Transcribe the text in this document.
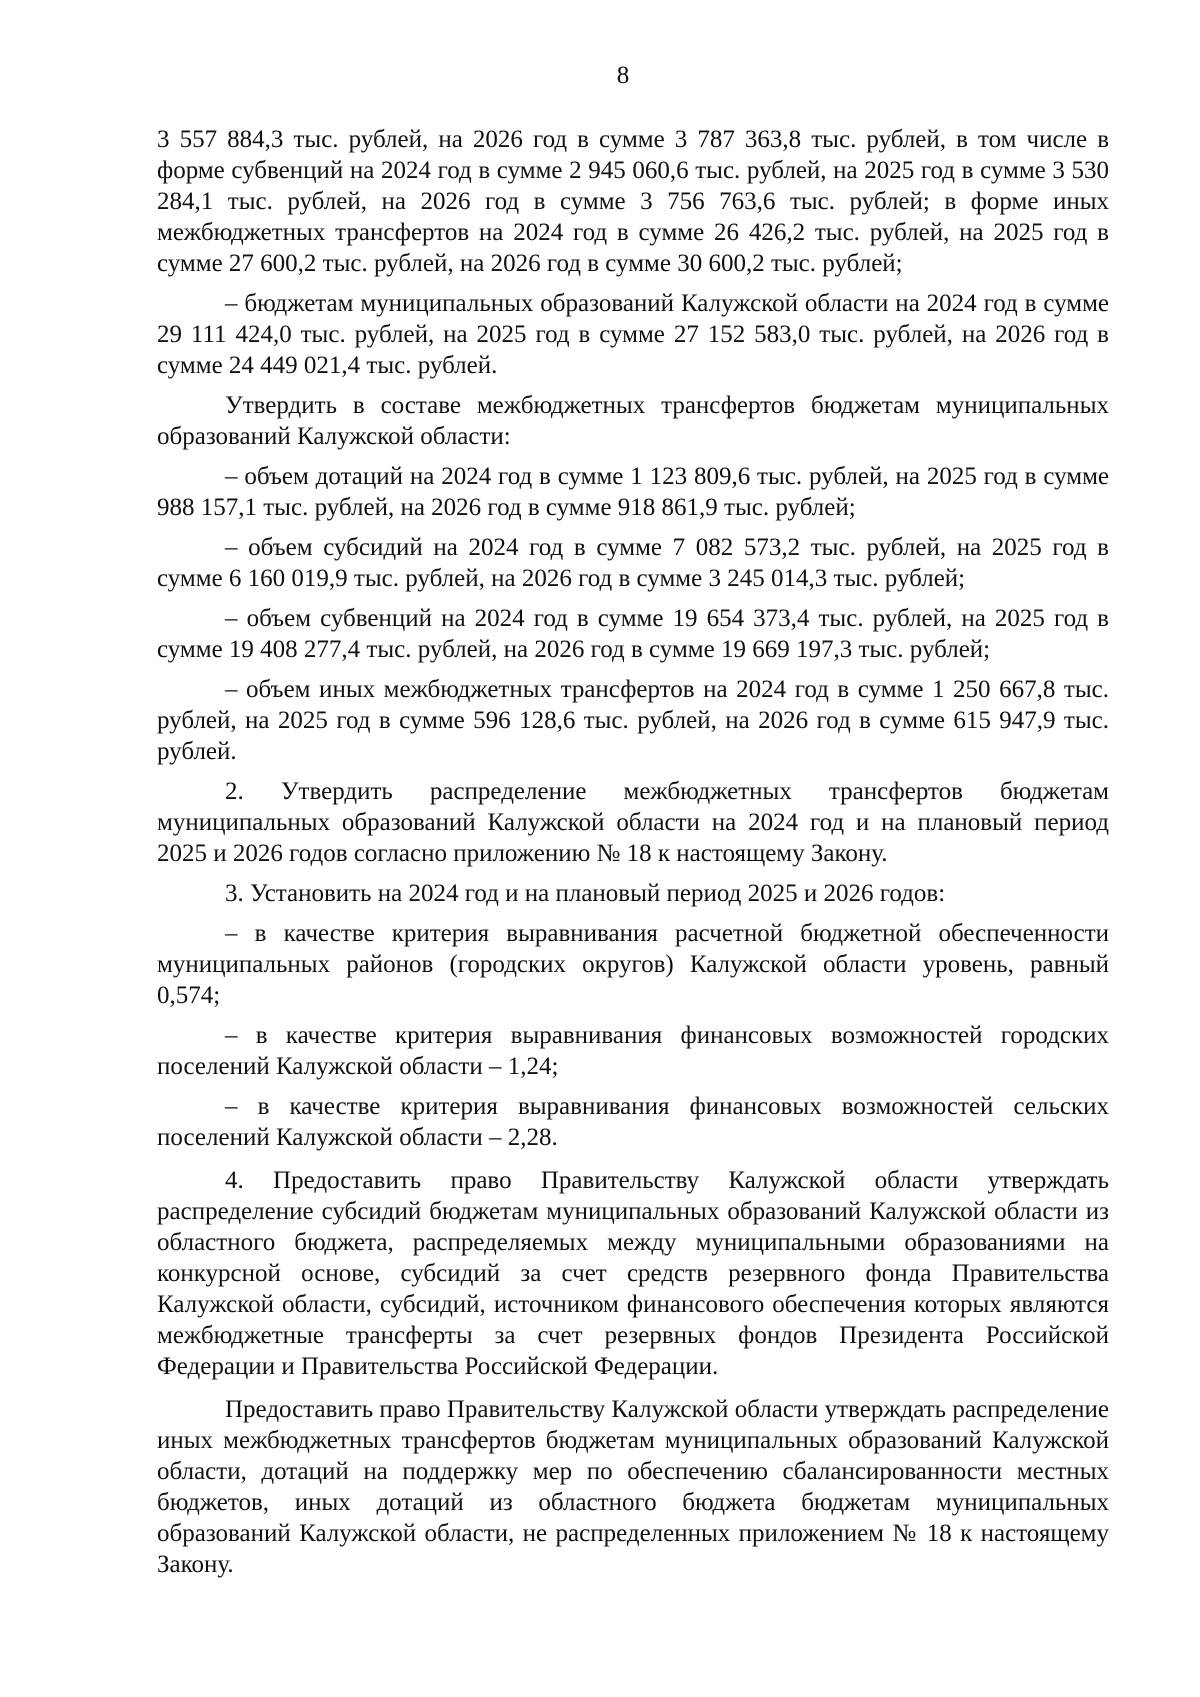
8

3 557 884,3 тыс. рублей, на 2026 год в сумме 3 787 363,8 тыс. рублей, в том числе в форме субвенций на 2024 год в сумме 2 945 060,6 тыс. рублей, на 2025 год в сумме 3 530 284,1 тыс. рублей, на 2026 год в сумме 3 756 763,6 тыс. рублей; в форме иных межбюджетных трансфертов на 2024 год в сумме 26 426,2 тыс. рублей, на 2025 год в сумме 27 600,2 тыс. рублей, на 2026 год в сумме 30 600,2 тыс. рублей;

– бюджетам муниципальных образований Калужской области на 2024 год в сумме 29 111 424,0 тыс. рублей, на 2025 год в сумме 27 152 583,0 тыс. рублей, на 2026 год в сумме 24 449 021,4 тыс. рублей.

Утвердить в составе межбюджетных трансфертов бюджетам муниципальных образований Калужской области:

– объем дотаций на 2024 год в сумме 1 123 809,6 тыс. рублей, на 2025 год в сумме 988 157,1 тыс. рублей, на 2026 год в сумме 918 861,9 тыс. рублей;

– объем субсидий на 2024 год в сумме 7 082 573,2 тыс. рублей, на 2025 год в сумме 6 160 019,9 тыс. рублей, на 2026 год в сумме 3 245 014,3 тыс. рублей;

– объем субвенций на 2024 год в сумме 19 654 373,4 тыс. рублей, на 2025 год в сумме 19 408 277,4 тыс. рублей, на 2026 год в сумме 19 669 197,3 тыс. рублей;

– объем иных межбюджетных трансфертов на 2024 год в сумме 1 250 667,8 тыс. рублей, на 2025 год в сумме 596 128,6 тыс. рублей, на 2026 год в сумме 615 947,9 тыс. рублей.

2. Утвердить распределение межбюджетных трансфертов бюджетам муниципальных образований Калужской области на 2024 год и на плановый период 2025 и 2026 годов согласно приложению № 18 к настоящему Закону.

3. Установить на 2024 год и на плановый период 2025 и 2026 годов:

– в качестве критерия выравнивания расчетной бюджетной обеспеченности муниципальных районов (городских округов) Калужской области уровень, равный 0,574;

– в качестве критерия выравнивания финансовых возможностей городских поселений Калужской области – 1,24;

– в качестве критерия выравнивания финансовых возможностей сельских поселений Калужской области – 2,28.

4. Предоставить право Правительству Калужской области утверждать распределение субсидий бюджетам муниципальных образований Калужской области из областного бюджета, распределяемых между муниципальными образованиями на конкурсной основе, субсидий за счет средств резервного фонда Правительства Калужской области, субсидий, источником финансового обеспечения которых являются межбюджетные трансферты за счет резервных фондов Президента Российской Федерации и Правительства Российской Федерации.

Предоставить право Правительству Калужской области утверждать распределение иных межбюджетных трансфертов бюджетам муниципальных образований Калужской области, дотаций на поддержку мер по обеспечению сбалансированности местных бюджетов, иных дотаций из областного бюджета бюджетам муниципальных образований Калужской области, не распределенных приложением № 18 к настоящему Закону.
